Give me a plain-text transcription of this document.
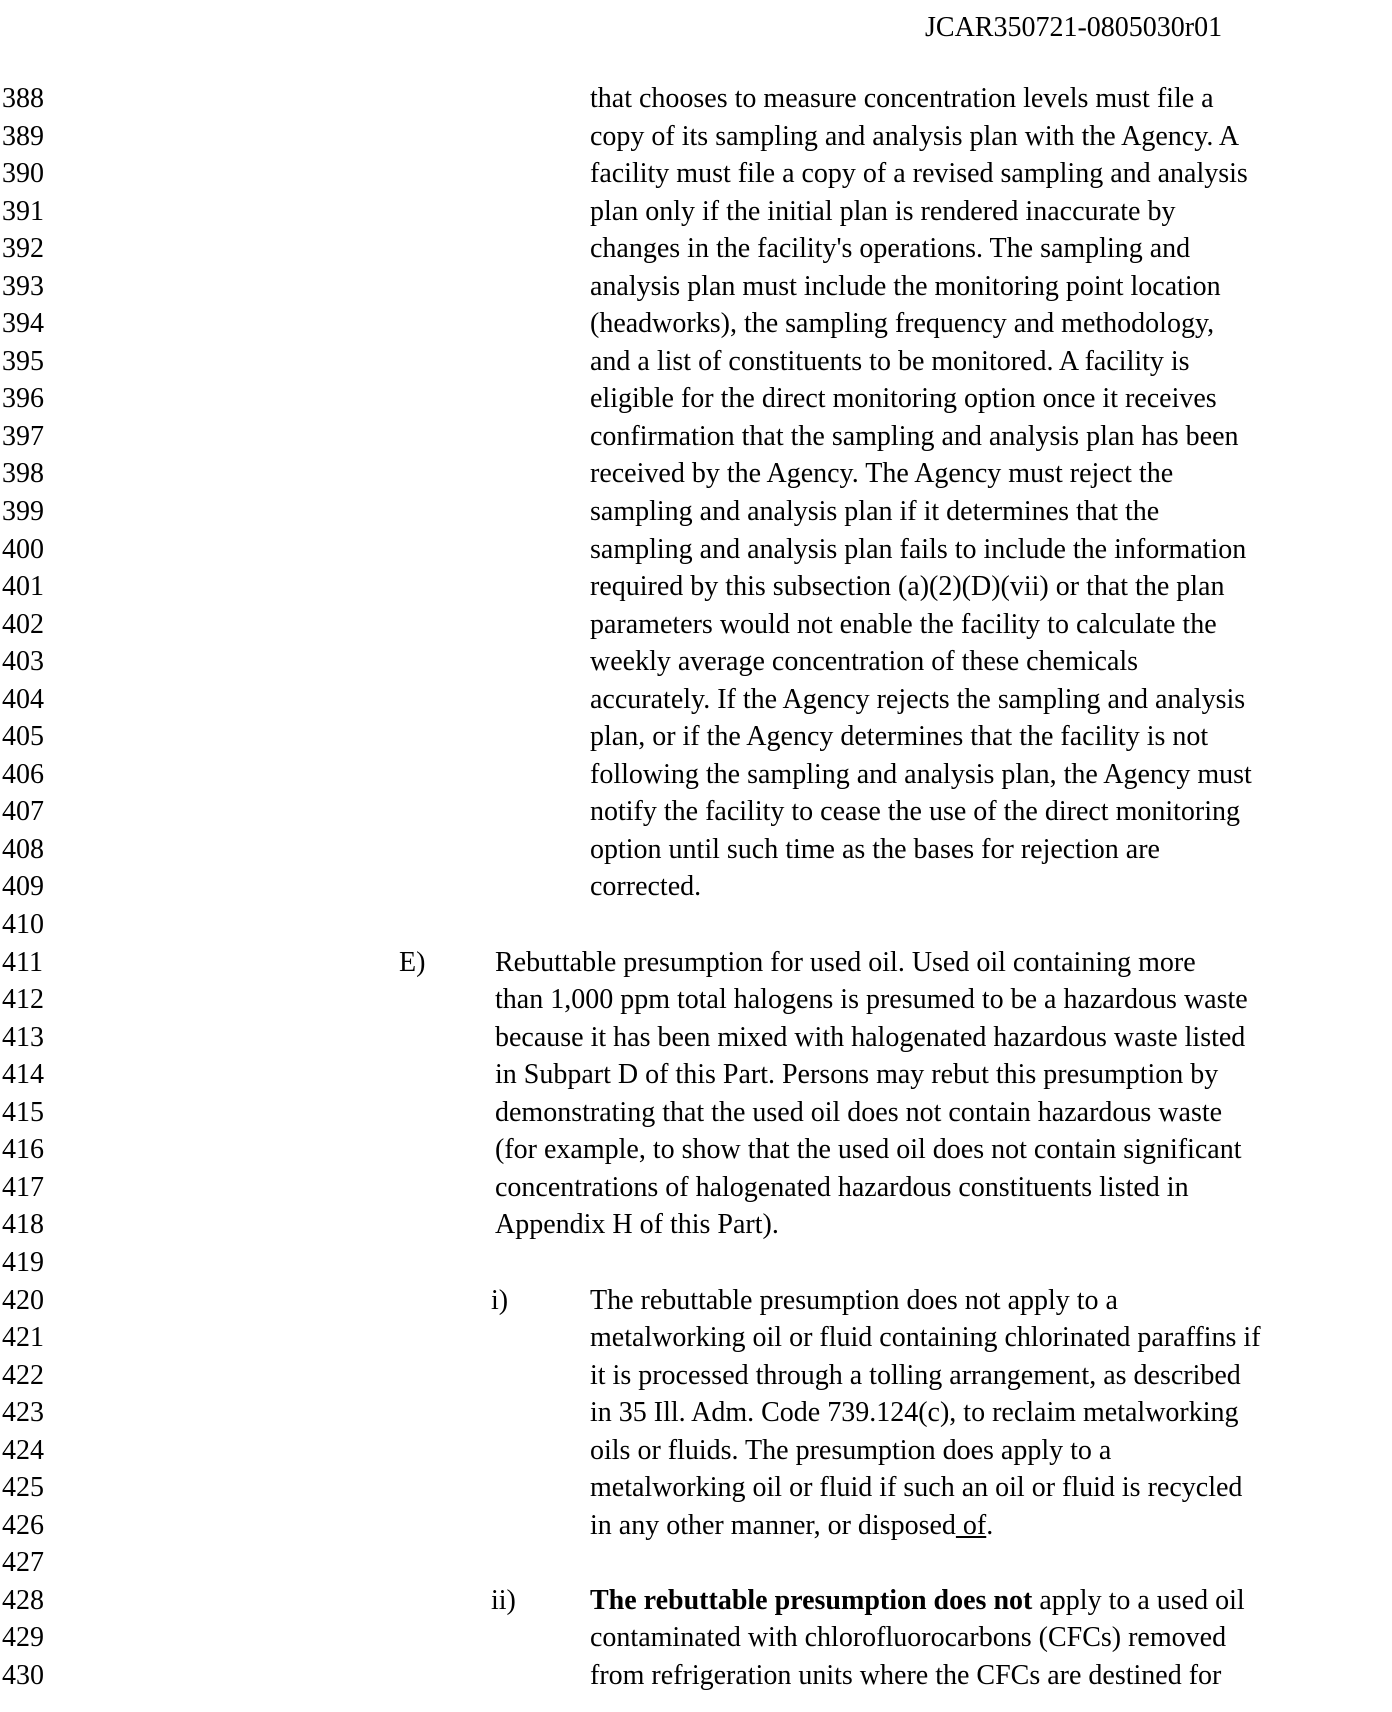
JCAR350721-0805030r01
388	that chooses to measure concentration levels must file a
389	copy of its sampling and analysis plan with the Agency. A
390	facility must file a copy of a revised sampling and analysis
391	plan only if the initial plan is rendered inaccurate by
392	changes in the facility's operations. The sampling and
393	analysis plan must include the monitoring point location
394	(headworks), the sampling frequency and methodology,
395	and a list of constituents to be monitored. A facility is
396	eligible for the direct monitoring option once it receives
397	confirmation that the sampling and analysis plan has been
398	received by the Agency. The Agency must reject the
399	sampling and analysis plan if it determines that the
400	sampling and analysis plan fails to include the information
401	required by this subsection (a)(2)(D)(vii) or that the plan
402	parameters would not enable the facility to calculate the
403	weekly average concentration of these chemicals
404	accurately. If the Agency rejects the sampling and analysis
405	plan, or if the Agency determines that the facility is not
406	following the sampling and analysis plan, the Agency must
407	notify the facility to cease the use of the direct monitoring
408	option until such time as the bases for rejection are
409	corrected.
410
411	E) Rebuttable presumption for used oil. Used oil containing more
412	than 1,000 ppm total halogens is presumed to be a hazardous waste
413	because it has been mixed with halogenated hazardous waste listed
414	in Subpart D of this Part. Persons may rebut this presumption by
415	demonstrating that the used oil does not contain hazardous waste
416	(for example, to show that the used oil does not contain significant
417	concentrations of halogenated hazardous constituents listed in
418	Appendix H of this Part).
419
420	i)	The rebuttable presumption does not apply to a
421	metalworking oil or fluid containing chlorinated paraffins if
422	it is processed through a tolling arrangement, as described
423	in 35 Ill. Adm. Code 739.124(c), to reclaim metalworking
424	oils or fluids. The presumption does apply to a
425	metalworking oil or fluid if such an oil or fluid is recycled
426	in any other manner, or disposed of.
427
428	ii)	The rebuttable presumption does not apply to a used oil
429	contaminated with chlorofluorocarbons (CFCs) removed
430	from refrigeration units where the CFCs are destined for
